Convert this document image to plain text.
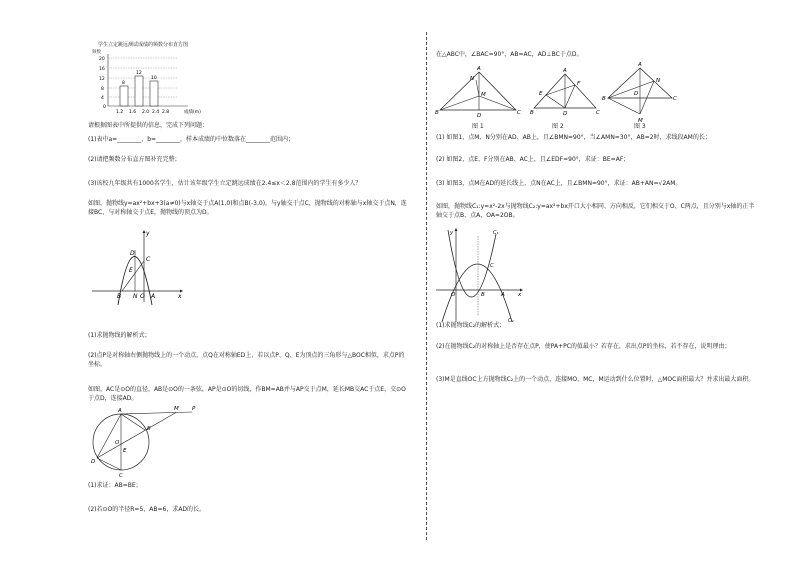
学生立定跳远测试成绩的频数分布直方图
频数
20
16
12
8
4
0
8
12
10
1.2 1.6 2.0 2.4 2.8	成绩(m)
请根据图表中所提供的信息，完成下列问题：
(1)表中a=________，b=________，样本成绩的中位数落在________范围内；
(2)请把频数分布直方图补充完整；
(3)该校九年级共有1000名学生，估计该年级学生立定跳远成绩在2.4≤x＜2.8范围内的学生有多少人？
如图，抛物线y=ax²+bx+3(a≠0)与x轴交于点A(1,0)和点B(-3,0)，与y轴交于点C，抛物线的对称轴与x轴交于点N，连接BC，与对称轴交于点E，抛物线的顶点为D。
D
C
E
B N O A	x
y
(1)求抛物线的解析式；
(2)点P是对称轴右侧抛物线上的一个动点，点Q在对称轴ED上，若以点P、Q、E为顶点的三角形与△BOC相似，求点P的坐标。
如图，AC是⊙O的直径，AB是⊙O的一条弦，AP是⊙O的切线，作BM=AB并与AP交于点M，延长MB交AC于点E，交⊙O于点D，连接AD。
A	M P
B
O
E
D
C
(1)求证：AB=BE；
(2)若⊙O的半径R=5，AB=6，求AD的长。
在△ABC中，∠BAC=90°，AB=AC，AD⊥BC于点D。
A
N
M
B	D	C
A
F
E
B	D	C
A
B
D
C
N
M
图 1	图 2	图 3
(1) 如图1，点M、N分别在AD、AB上，且∠BMN=90°，当∠AMN=30°，AB=2时，求线段AM的长；
(2) 如图2，点E、F分别在AB、AC上，且∠EDF=90°，求证：BE=AF；
(3) 如图3，点M在AD的延长线上，点N在AC上，且∠BMN=90°，求证：AB+AN=√2AM。
如图，抛物线C₁:y=x²-2x与抛物线C₂:y=ax²+bx开口大小相同、方向相反，它们相交于O、C两点，且分别与x轴的正半轴交于点B、点A，OA=2OB。
C₁
C₂
C
O	B	A
y
x
(1)求抛物线C₂的解析式；
(2)在抛物线C₂的对称轴上是否存在点P，使PA+PC的值最小？若存在，求出点P的坐标，若不存在，说明理由；
(3)M是直线OC上方抛物线C₂上的一个动点，连接MO、MC，M运动到什么位置时，△MOC面积最大？并求出最大面积。
